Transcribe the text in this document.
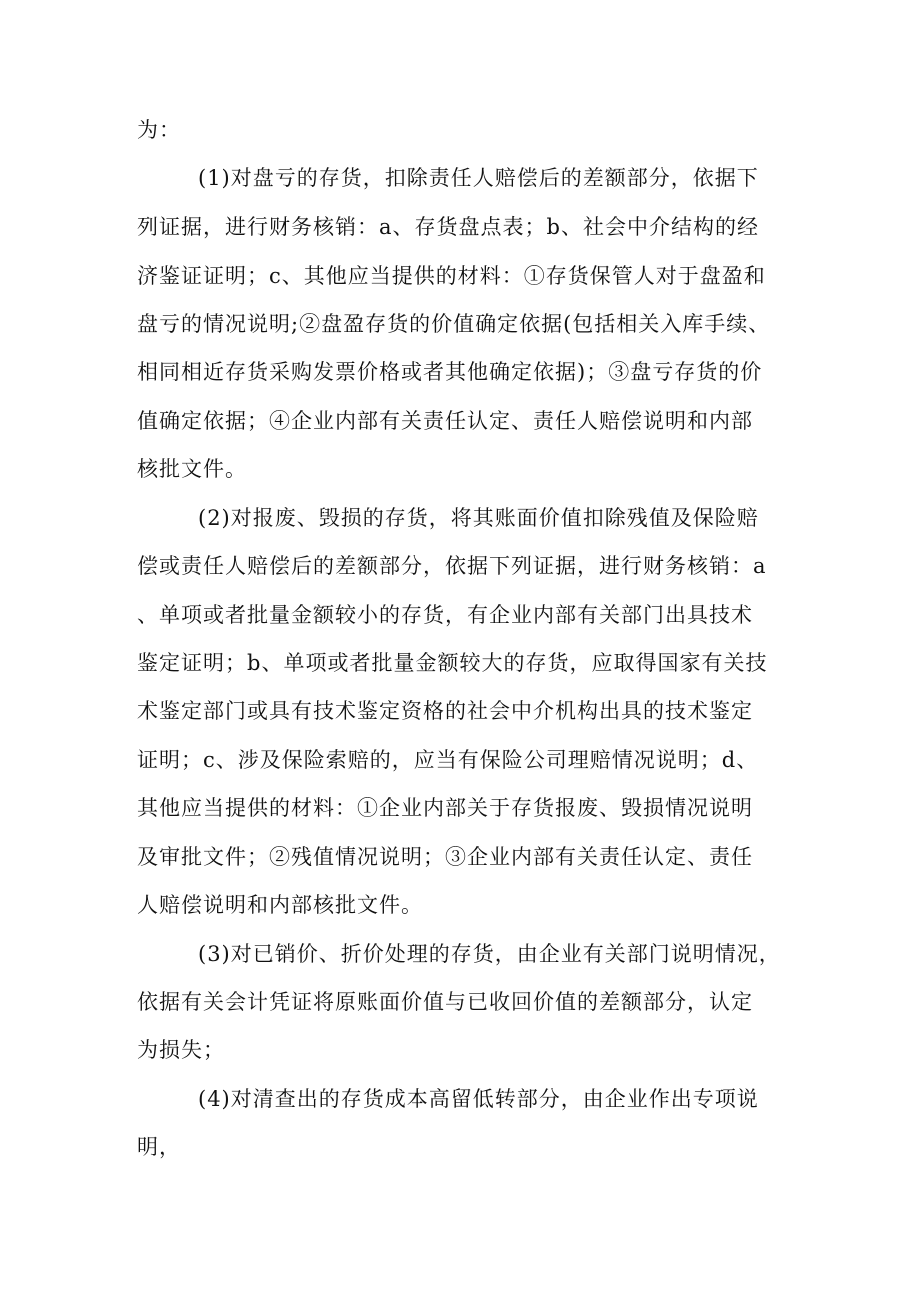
为：
(1)对盘亏的存货，扣除责任人赔偿后的差额部分，依据下
列证据，进行财务核销：a、存货盘点表；b、社会中介结构的经
济鉴证证明；c、其他应当提供的材料：①存货保管人对于盘盈和
盘亏的情况说明;②盘盈存货的价值确定依据(包括相关入库手续、
相同相近存货采购发票价格或者其他确定依据)；③盘亏存货的价
值确定依据；④企业内部有关责任认定、责任人赔偿说明和内部
核批文件。
(2)对报废、毁损的存货，将其账面价值扣除残值及保险赔
偿或责任人赔偿后的差额部分，依据下列证据，进行财务核销：a
、单项或者批量金额较小的存货，有企业内部有关部门出具技术
鉴定证明；b、单项或者批量金额较大的存货，应取得国家有关技
术鉴定部门或具有技术鉴定资格的社会中介机构出具的技术鉴定
证明；c、涉及保险索赔的，应当有保险公司理赔情况说明；d、
其他应当提供的材料：①企业内部关于存货报废、毁损情况说明
及审批文件；②残值情况说明；③企业内部有关责任认定、责任
人赔偿说明和内部核批文件。
(3)对已销价、折价处理的存货，由企业有关部门说明情况，
依据有关会计凭证将原账面价值与已收回价值的差额部分，认定
为损失；
(4)对清查出的存货成本高留低转部分，由企业作出专项说
明，
